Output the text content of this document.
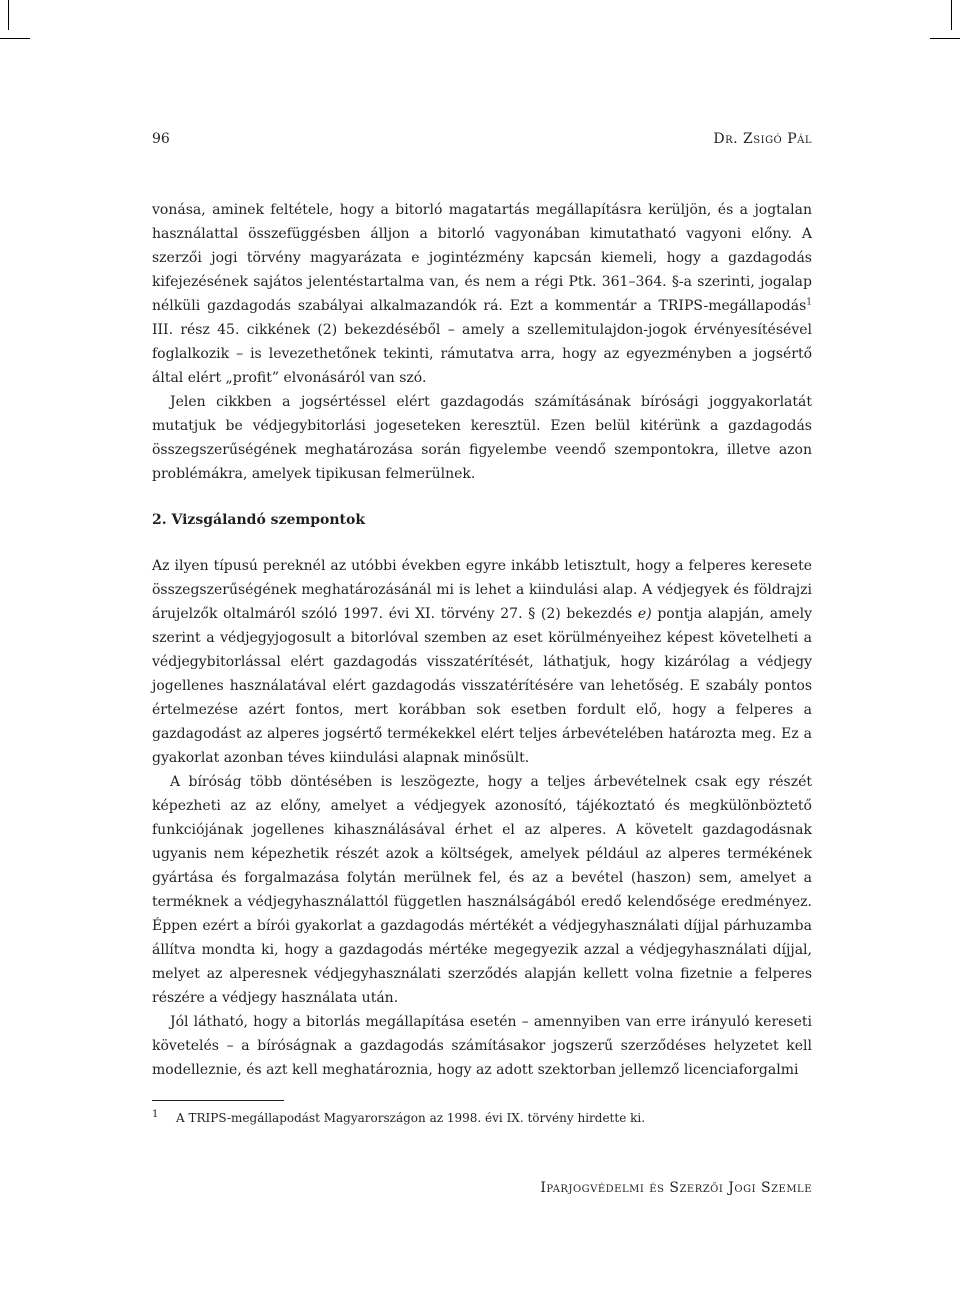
96	Dr. Zsigó Pál

vonása, aminek feltétele, hogy a bitorló magatartás megállapításra kerüljön, és a jogtalan használattal összefüggésben álljon a bitorló vagyonában kimutatható vagyoni előny. A szerzői jogi törvény magyarázata e jogintézmény kapcsán kiemeli, hogy a gazdagodás kifejezésének sajátos jelentéstartalma van, és nem a régi Ptk. 361–364. §-a szerinti, jogalap nélküli gazdagodás szabályai alkalmazandók rá. Ezt a kommentár a TRIPS-megállapodás$^1$ III. rész 45. cikkének (2) bekezdéséből – amely a szellemitulajdon-jogok érvényesítésével foglalkozik – is levezethetőnek tekinti, rámutatva arra, hogy az egyezményben a jogsértő által elért „profit” elvonásáról van szó.

Jelen cikkben a jogsértéssel elért gazdagodás számításának bírósági joggyakorlatát mutatjuk be védjegybitorlási jogeseteken keresztül. Ezen belül kitérünk a gazdagodás összegszerűségének meghatározása során figyelembe veendő szempontokra, illetve azon problémákra, amelyek tipikusan felmerülnek.

2. Vizsgálandó szempontok

Az ilyen típusú pereknél az utóbbi években egyre inkább letisztult, hogy a felperes keresete összegszerűségének meghatározásánál mi is lehet a kiindulási alap. A védjegyek és földrajzi árujelzők oltalmáról szóló 1997. évi XI. törvény 27. § (2) bekezdés e) pontja alapján, amely szerint a védjegyjogosult a bitorlóval szemben az eset körülményeihez képest követelheti a védjegybitorlással elért gazdagodás visszatérítését, láthatjuk, hogy kizárólag a védjegy jogellenes használatával elért gazdagodás visszatérítésére van lehetőség. E szabály pontos értelmezése azért fontos, mert korábban sok esetben fordult elő, hogy a felperes a gazdagodást az alperes jogsértő termékekkel elért teljes árbevételében határozta meg. Ez a gyakorlat azonban téves kiindulási alapnak minősült.

A bíróság több döntésében is leszögezte, hogy a teljes árbevételnek csak egy részét képezheti az az előny, amelyet a védjegyek azonosító, tájékoztató és megkülönböztető funkciójának jogellenes kihasználásával érhet el az alperes. A követelt gazdagodásnak ugyanis nem képezhetik részét azok a költségek, amelyek például az alperes termékének gyártása és forgalmazása folytán merülnek fel, és az a bevétel (haszon) sem, amelyet a terméknek a védjegyhasználattól független használságából eredő kelendősége eredményez. Éppen ezért a bírói gyakorlat a gazdagodás mértékét a védjegyhasználati díjjal párhuzamba állítva mondta ki, hogy a gazdagodás mértéke megegyezik azzal a védjegyhasználati díjjal, melyet az alperesnek védjegyhasználati szerződés alapján kellett volna fizetnie a felperes részére a védjegy használata után.

Jól látható, hogy a bitorlás megállapítása esetén – amennyiben van erre irányuló kereseti követelés – a bíróságnak a gazdagodás számításakor jogszerű szerződéses helyzetet kell modelleznie, és azt kell meghatároznia, hogy az adott szektorban jellemző licenciaforgalmi

1 A TRIPS-megállapodást Magyarországon az 1998. évi IX. törvény hirdette ki.
Iparjogvédelmi és Szerzői Jogi Szemle
